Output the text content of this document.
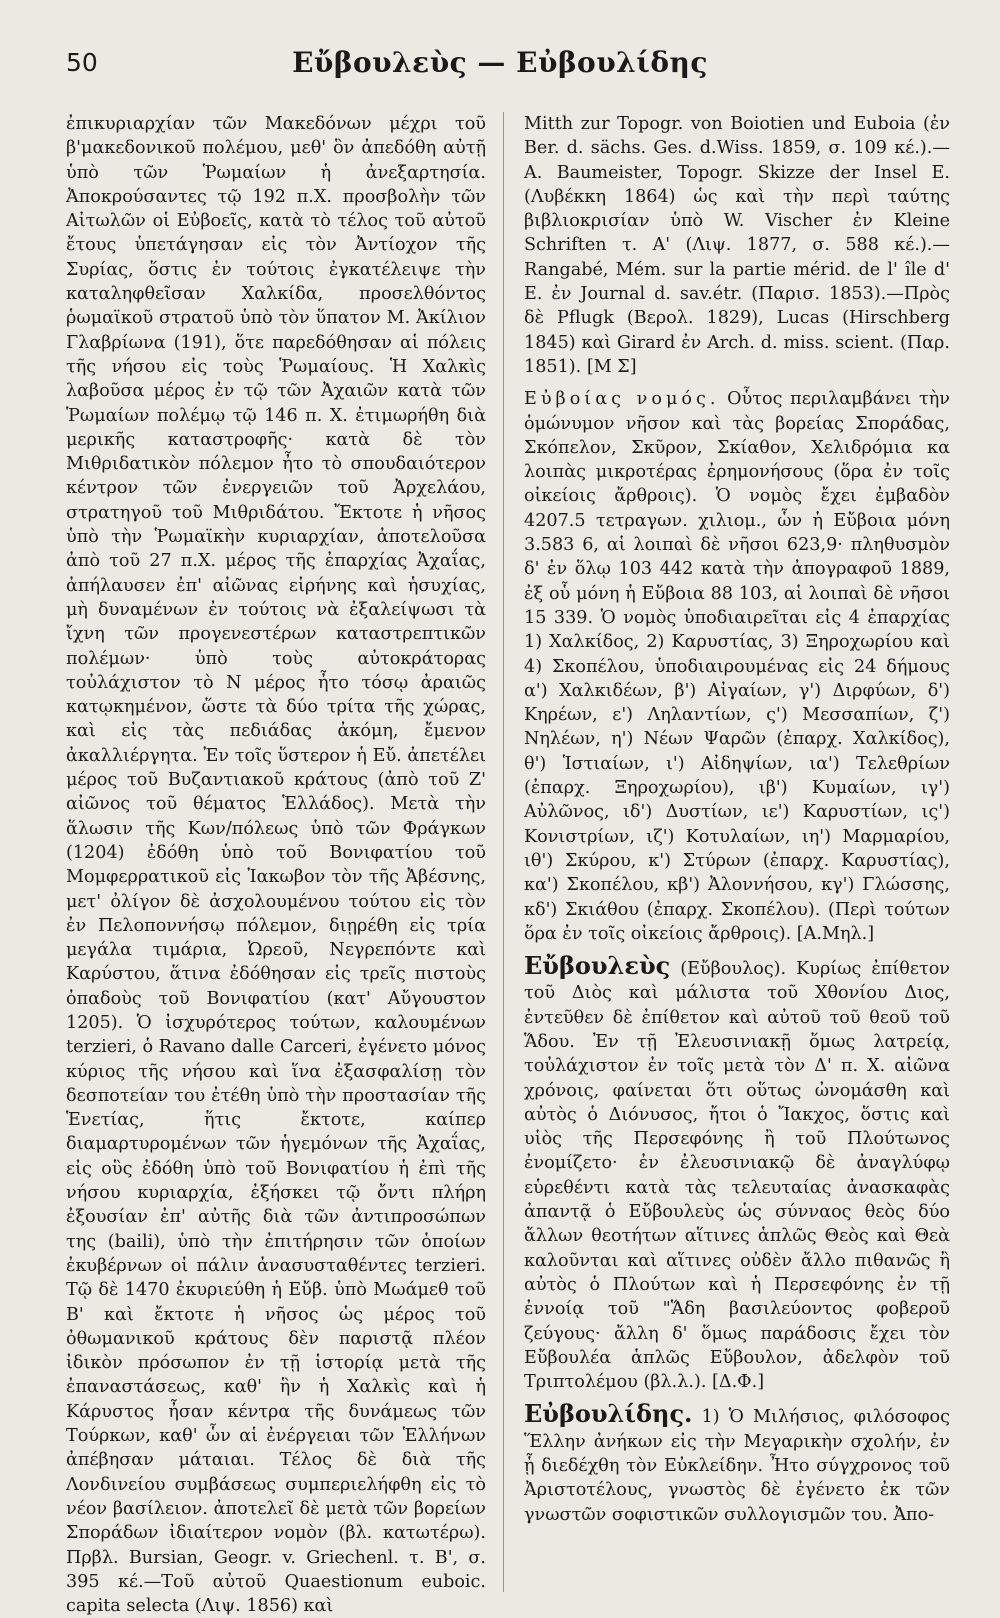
50	Εὔβουλεὺς — Εὐβουλίδης

ἐπικυριαρχίαν τῶν Μακεδόνων μέχρι τοῦ β'μακεδονικοῦ πολέμου, μεθ' ὃν ἀπεδόθη αὐτῇ ὑπὸ τῶν Ῥωμαίων ἡ ἀνεξαρτησία. Ἀποκρούσαντες τῷ 192 π.Χ. προσβολὴν τῶν Αἰτωλῶν οἱ Εὐβοεῖς, κατὰ τὸ τέλος τοῦ αὐτοῦ ἔτους ὑπετάγησαν εἰς τὸν Ἀντίοχον τῆς Συρίας, ὅστις ἐν τούτοις ἐγκατέλειψε τὴν καταληφθεῖσαν Χαλκίδα, προσελθόντος ῥωμαϊκοῦ στρατοῦ ὑπὸ τὸν ὕπατον Μ. Ἀκίλιον Γλαβρίωνα (191), ὅτε παρεδόθησαν αἱ πόλεις τῆς νήσου εἰς τοὺς Ῥωμαίους. Ἡ Χαλκὶς λαβοῦσα μέρος ἐν τῷ τῶν Ἀχαιῶν κατὰ τῶν Ῥωμαίων πολέμῳ τῷ 146 π. Χ. ἐτιμωρήθη διὰ μερικῆς καταστροφῆς· κατὰ δὲ τὸν Μιθριδατικὸν πόλεμον ἦτο τὸ σπουδαιότερον κέντρον τῶν ἐνεργειῶν τοῦ Ἀρχελάου, στρατηγοῦ τοῦ Μιθριδάτου. Ἔκτοτε ἡ νῆσος ὑπὸ τὴν Ῥωμαϊκὴν κυριαρχίαν, ἀποτελοῦσα ἀπὸ τοῦ 27 π.Χ. μέρος τῆς ἐπαρχίας Ἀχαΐας, ἀπήλαυσεν ἐπ' αἰῶνας εἰρήνης καὶ ἡσυχίας, μὴ δυναμένων ἐν τούτοις νὰ ἐξαλείψωσι τὰ ἴχνη τῶν προγενεστέρων καταστρεπτικῶν πολέμων· ὑπὸ τοὺς αὐτοκράτορας τοὐλάχιστον τὸ Ν μέρος ἦτο τόσῳ ἀραιῶς κατῳκημένον, ὥστε τὰ δύο τρίτα τῆς χώρας, καὶ εἰς τὰς πεδιάδας ἀκόμη, ἔμενον ἀκαλλιέργητα. Ἐν τοῖς ὕστερον ἡ Εὔ. ἀπετέλει μέρος τοῦ Βυζαντιακοῦ κράτους (ἀπὸ τοῦ Ζ' αἰῶνος τοῦ θέματος Ἑλλάδος). Μετὰ τὴν ἅλωσιν τῆς Κων/πόλεως ὑπὸ τῶν Φράγκων (1204) ἐδόθη ὑπὸ τοῦ Βονιφατίου τοῦ Μομφερρατικοῦ εἰς Ἰακωβον τὸν τῆς Ἀβέσνης, μετ' ὀλίγον δὲ ἀσχολουμένου τούτου εἰς τὸν ἐν Πελοποννήσῳ πόλεμον, διῃρέθη εἰς τρία μεγάλα τιμάρια, Ὠρεοῦ, Νεγρεπόντε καὶ Καρύστου, ἅτινα ἐδόθησαν εἰς τρεῖς πιστοὺς ὀπαδοὺς τοῦ Βονιφατίου (κατ' Αὔγουστον 1205). Ὁ ἰσχυρότερος τούτων, καλουμένων terzieri, ὁ Ravano dalle Carceri, ἐγένετο μόνος κύριος τῆς νήσου καὶ ἵνα ἐξασφαλίσῃ τὸν δεσποτείαν του ἐτέθη ὑπὸ τὴν προστασίαν τῆς Ἑνετίας, ἥτις ἔκτοτε, καίπερ διαμαρτυρομένων τῶν ἡγεμόνων τῆς Ἀχαΐας, εἰς οὓς ἐδόθη ὑπὸ τοῦ Βονιφατίου ἡ ἐπὶ τῆς νήσου κυριαρχία, ἐξήσκει τῷ ὄντι πλήρη ἐξουσίαν ἐπ' αὐτῆς διὰ τῶν ἀντιπροσώπων της (baili), ὑπὸ τὴν ἐπιτήρησιν τῶν ὁποίων ἐκυβέρνων οἱ πάλιν ἀνασυσταθέντες terzieri. Τῷ δὲ 1470 ἐκυριεύθη ἡ Εὔβ. ὑπὸ Μωάμεθ τοῦ Β' καὶ ἔκτοτε ἡ νῆσος ὡς μέρος τοῦ ὀθωμανικοῦ κράτους δὲν παριστᾷ πλέον ἰδικὸν πρόσωπον ἐν τῇ ἱστορίᾳ μετὰ τῆς ἐπαναστάσεως, καθ' ἣν ἡ Χαλκὶς καὶ ἡ Κάρυστος ἦσαν κέντρα τῆς δυνάμεως τῶν Τούρκων, καθ' ὧν αἱ ἐνέργειαι τῶν Ἑλλήνων ἀπέβησαν μάταιαι. Τέλος δὲ διὰ τῆς Λονδινείου συμβάσεως συμπεριελήφθη εἰς τὸ νέον βασίλειον. ἀποτελεῖ δὲ μετὰ τῶν βορείων Σποράδων ἰδιαίτερον νομὸν (βλ. κατωτέρω). Πρβλ. Bursian, Geogr. v. Griechenl. τ. Β', σ. 395 κέ.—Τοῦ αὐτοῦ Quaestionum euboic. capita selecta (Λιψ. 1856) καὶ

Mitth zur Topogr. von Boiotien und Euboia (ἐν Ber. d. sächs. Ges. d.Wiss. 1859, σ. 109 κέ.).—A. Baumeister, Topogr. Skizze der Insel E. (Λυβέκκη 1864) ὡς καὶ τὴν περὶ ταύτης βιβλιοκρισίαν ὑπὸ W. Vischer ἐν Kleine Schriften τ. Α' (Λιψ. 1877, σ. 588 κέ.).—Rangabé, Mém. sur la partie mérid. de l' île d' E. ἐν Journal d. sav.étr. (Παρισ. 1853).—Πρὸς δὲ Pflugk (Βερολ. 1829), Lucas (Hirschberg 1845) καὶ Girard ἐν Arch. d. miss. scient. (Παρ. 1851). [Μ Σ]

Εὐβοίας νομός. Οὗτος περιλαμβάνει τὴν ὁμώνυμον νῆσον καὶ τὰς βορείας Σποράδας, Σκόπελον, Σκῦρον, Σκίαθον, Χελιδρόμια κα λοιπὰς μικροτέρας ἐρημονήσους (ὅρα ἐν τοῖς οἰκείοις ἄρθροις). Ὁ νομὸς ἔχει ἐμβαδὸν 4207.5 τετραγων. χιλιομ., ὧν ἡ Εὔβοια μόνη 3.583 6, αἱ λοιπαὶ δὲ νῆσοι 623,9· πληθυσμὸν δ' ἐν ὅλῳ 103 442 κατὰ τὴν ἀπογραφοῦ 1889, ἐξ οὗ μόνη ἡ Εὔβοια 88 103, αἱ λοιπαὶ δὲ νῆσοι 15 339. Ὁ νομὸς ὑποδιαιρεῖται εἰς 4 ἐπαρχίας 1) Χαλκίδος, 2) Καρυστίας, 3) Ξηροχωρίου καὶ 4) Σκοπέλου, ὑποδιαιρουμένας εἰς 24 δήμους α') Χαλκιδέων, β') Αἰγαίων, γ') Διρφύων, δ') Κηρέων, ε') Ληλαντίων, ς') Μεσσαπίων, ζ') Νηλέων, η') Νέων Ψαρῶν (ἐπαρχ. Χαλκίδος), θ') Ἱστιαίων, ι') Αἰδηψίων, ια') Τελεθρίων (ἐπαρχ. Ξηροχωρίου), ιβ') Κυμαίων, ιγ') Αὐλῶνος, ιδ') Δυστίων, ιε') Καρυστίων, ις') Κονιστρίων, ιζ') Κοτυλαίων, ιη') Μαρμαρίου, ιθ') Σκύρου, κ') Στύρων (ἐπαρχ. Καρυστίας), κα') Σκοπέλου, κβ') Ἀλοννήσου, κγ') Γλώσσης, κδ') Σκιάθου (ἐπαρχ. Σκοπέλου). (Περὶ τούτων ὅρα ἐν τοῖς οἰκείοις ἄρθροις). [Α.Μηλ.]

Εὔβουλεὺς (Εὔβουλος). Κυρίως ἐπίθετον τοῦ Διὸς καὶ μάλιστα τοῦ Χθονίου Διος, ἐντεῦθεν δὲ ἐπίθετον καὶ αὐτοῦ τοῦ θεοῦ τοῦ Ἅδου. Ἐν τῇ Ἐλευσινιακῇ ὅμως λατρείᾳ, τοὐλάχιστον ἐν τοῖς μετὰ τὸν Δ' π. Χ. αἰῶνα χρόνοις, φαίνεται ὅτι οὕτως ὠνομάσθη καὶ αὐτὸς ὁ Διόνυσος, ἤτοι ὁ Ἴακχος, ὅστις καὶ υἱὸς τῆς Περσεφόνης ἢ τοῦ Πλούτωνος ἐνομίζετο· ἐν ἐλευσινιακῷ δὲ ἀναγλύφῳ εὑρεθέντι κατὰ τὰς τελευταίας ἀνασκαφὰς ἀπαντᾷ ὁ Εὔβουλεὺς ὡς σύνναος θεὸς δύο ἄλλων θεοτήτων αἵτινες ἁπλῶς Θεὸς καὶ Θεὰ καλοῦνται καὶ αἵτινες οὐδὲν ἄλλο πιθανῶς ἢ αὐτὸς ὁ Πλούτων καὶ ἡ Περσεφόνης ἐν τῇ ἐννοίᾳ τοῦ "Ἅδη βασιλεύοντος φοβεροῦ ζεύγους· ἄλλη δ' ὅμως παράδοσις ἔχει τὸν Εὔβουλέα ἁπλῶς Εὔβουλον, ἀδελφὸν τοῦ Τριπτολέμου (βλ.λ.). [Δ.Φ.]

Εὐβουλίδης. 1) Ὁ Μιλήσιος, φιλόσοφος Ἕλλην ἀνήκων εἰς τὴν Μεγαρικὴν σχολήν, ἐν ᾗ διεδέχθη τὸν Εὐκλείδην. Ἦτο σύγχρονος τοῦ Ἀριστοτέλους, γνωστὸς δὲ ἐγένετο ἐκ τῶν γνωστῶν σοφιστικῶν συλλογισμῶν του. Ἀπο-
